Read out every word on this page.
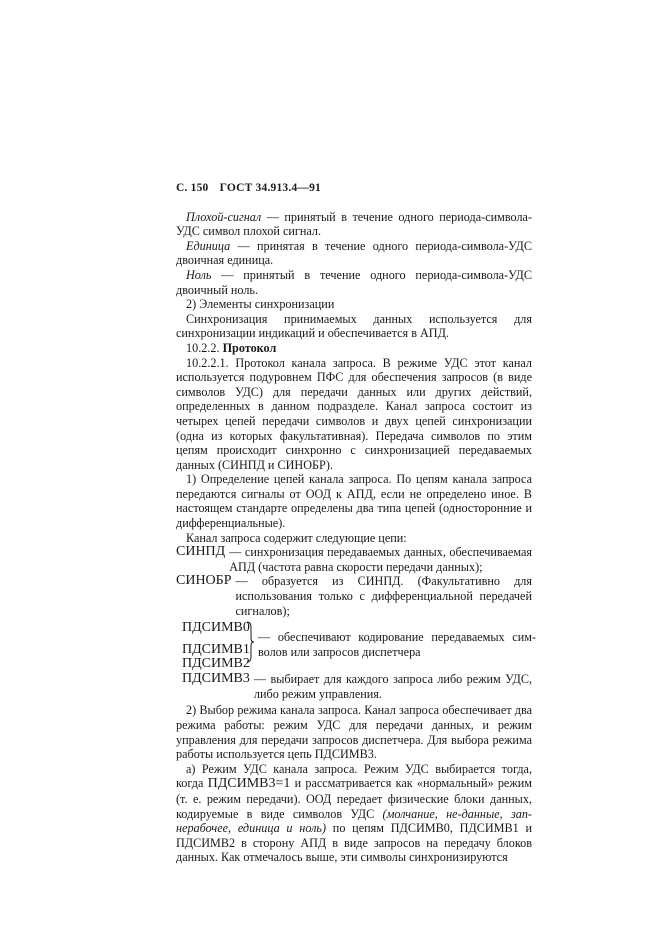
С. 150 ГОСТ 34.913.4—91

Плохой-сигнал — принятый в течение одного периода-символа-УДС символ плохой сигнал.

Единица — принятая в течение одного периода-символа-УДС двоичная единица.

Ноль — принятый в течение одного периода-символа-УДС двоичный ноль.

2) Элементы синхронизации

Синхронизация принимаемых данных используется для синхронизации индикаций и обеспечивается в АПД.

10.2.2. Протокол

10.2.2.1. Протокол канала запроса. В режиме УДС этот канал используется подуровнем ПФС для обеспечения запросов (в виде символов УДС) для передачи данных или других действий, определенных в данном подразделе. Канал запроса состоит из четырех цепей передачи символов и двух цепей синхронизации (одна из которых факультативная). Передача символов по этим цепям происходит синхронно с синхронизацией передаваемых данных (СИНПД и СИНОБР).

1) Определение цепей канала запроса. По цепям канала запроса передаются сигналы от ООД к АПД, если не определено иное. В настоящем стандарте определены два типа цепей (односторонние и дифференциальные).

Канал запроса содержит следующие цепи:

СИНПД — синхронизация передаваемых данных, обеспечиваемая АПД (частота равна скорости передачи данных);
СИНОБР — образуется из СИНПД. (Факультативно для использования только с дифференциальной передачей сигналов);
ПДСИМВ0
ПДСИМВ1
ПДСИМВ2
— обеспечивают кодирование передаваемых сим-
волов или запросов диспетчера
ПДСИМВ3 — выбирает для каждого запроса либо режим УДС, либо режим управления.

2) Выбор режима канала запроса. Канал запроса обеспечивает два режима работы: режим УДС для передачи данных, и режим управления для передачи запросов диспетчера. Для выбора режима работы используется цепь ПДСИМВ3.

а) Режим УДС канала запроса. Режим УДС выбирается тогда, когда ПДСИМВ3=1 и рассматривается как «нормальный» режим (т. е. режим передачи). ООД передает физические блоки данных, кодируемые в виде символов УДС (молчание, не-данные, зап-нерабочее, единица и ноль) по цепям ПДСИМВ0, ПДСИМВ1 и ПДСИМВ2 в сторону АПД в виде запросов на передачу блоков данных. Как отмечалось выше, эти символы синхронизируются
